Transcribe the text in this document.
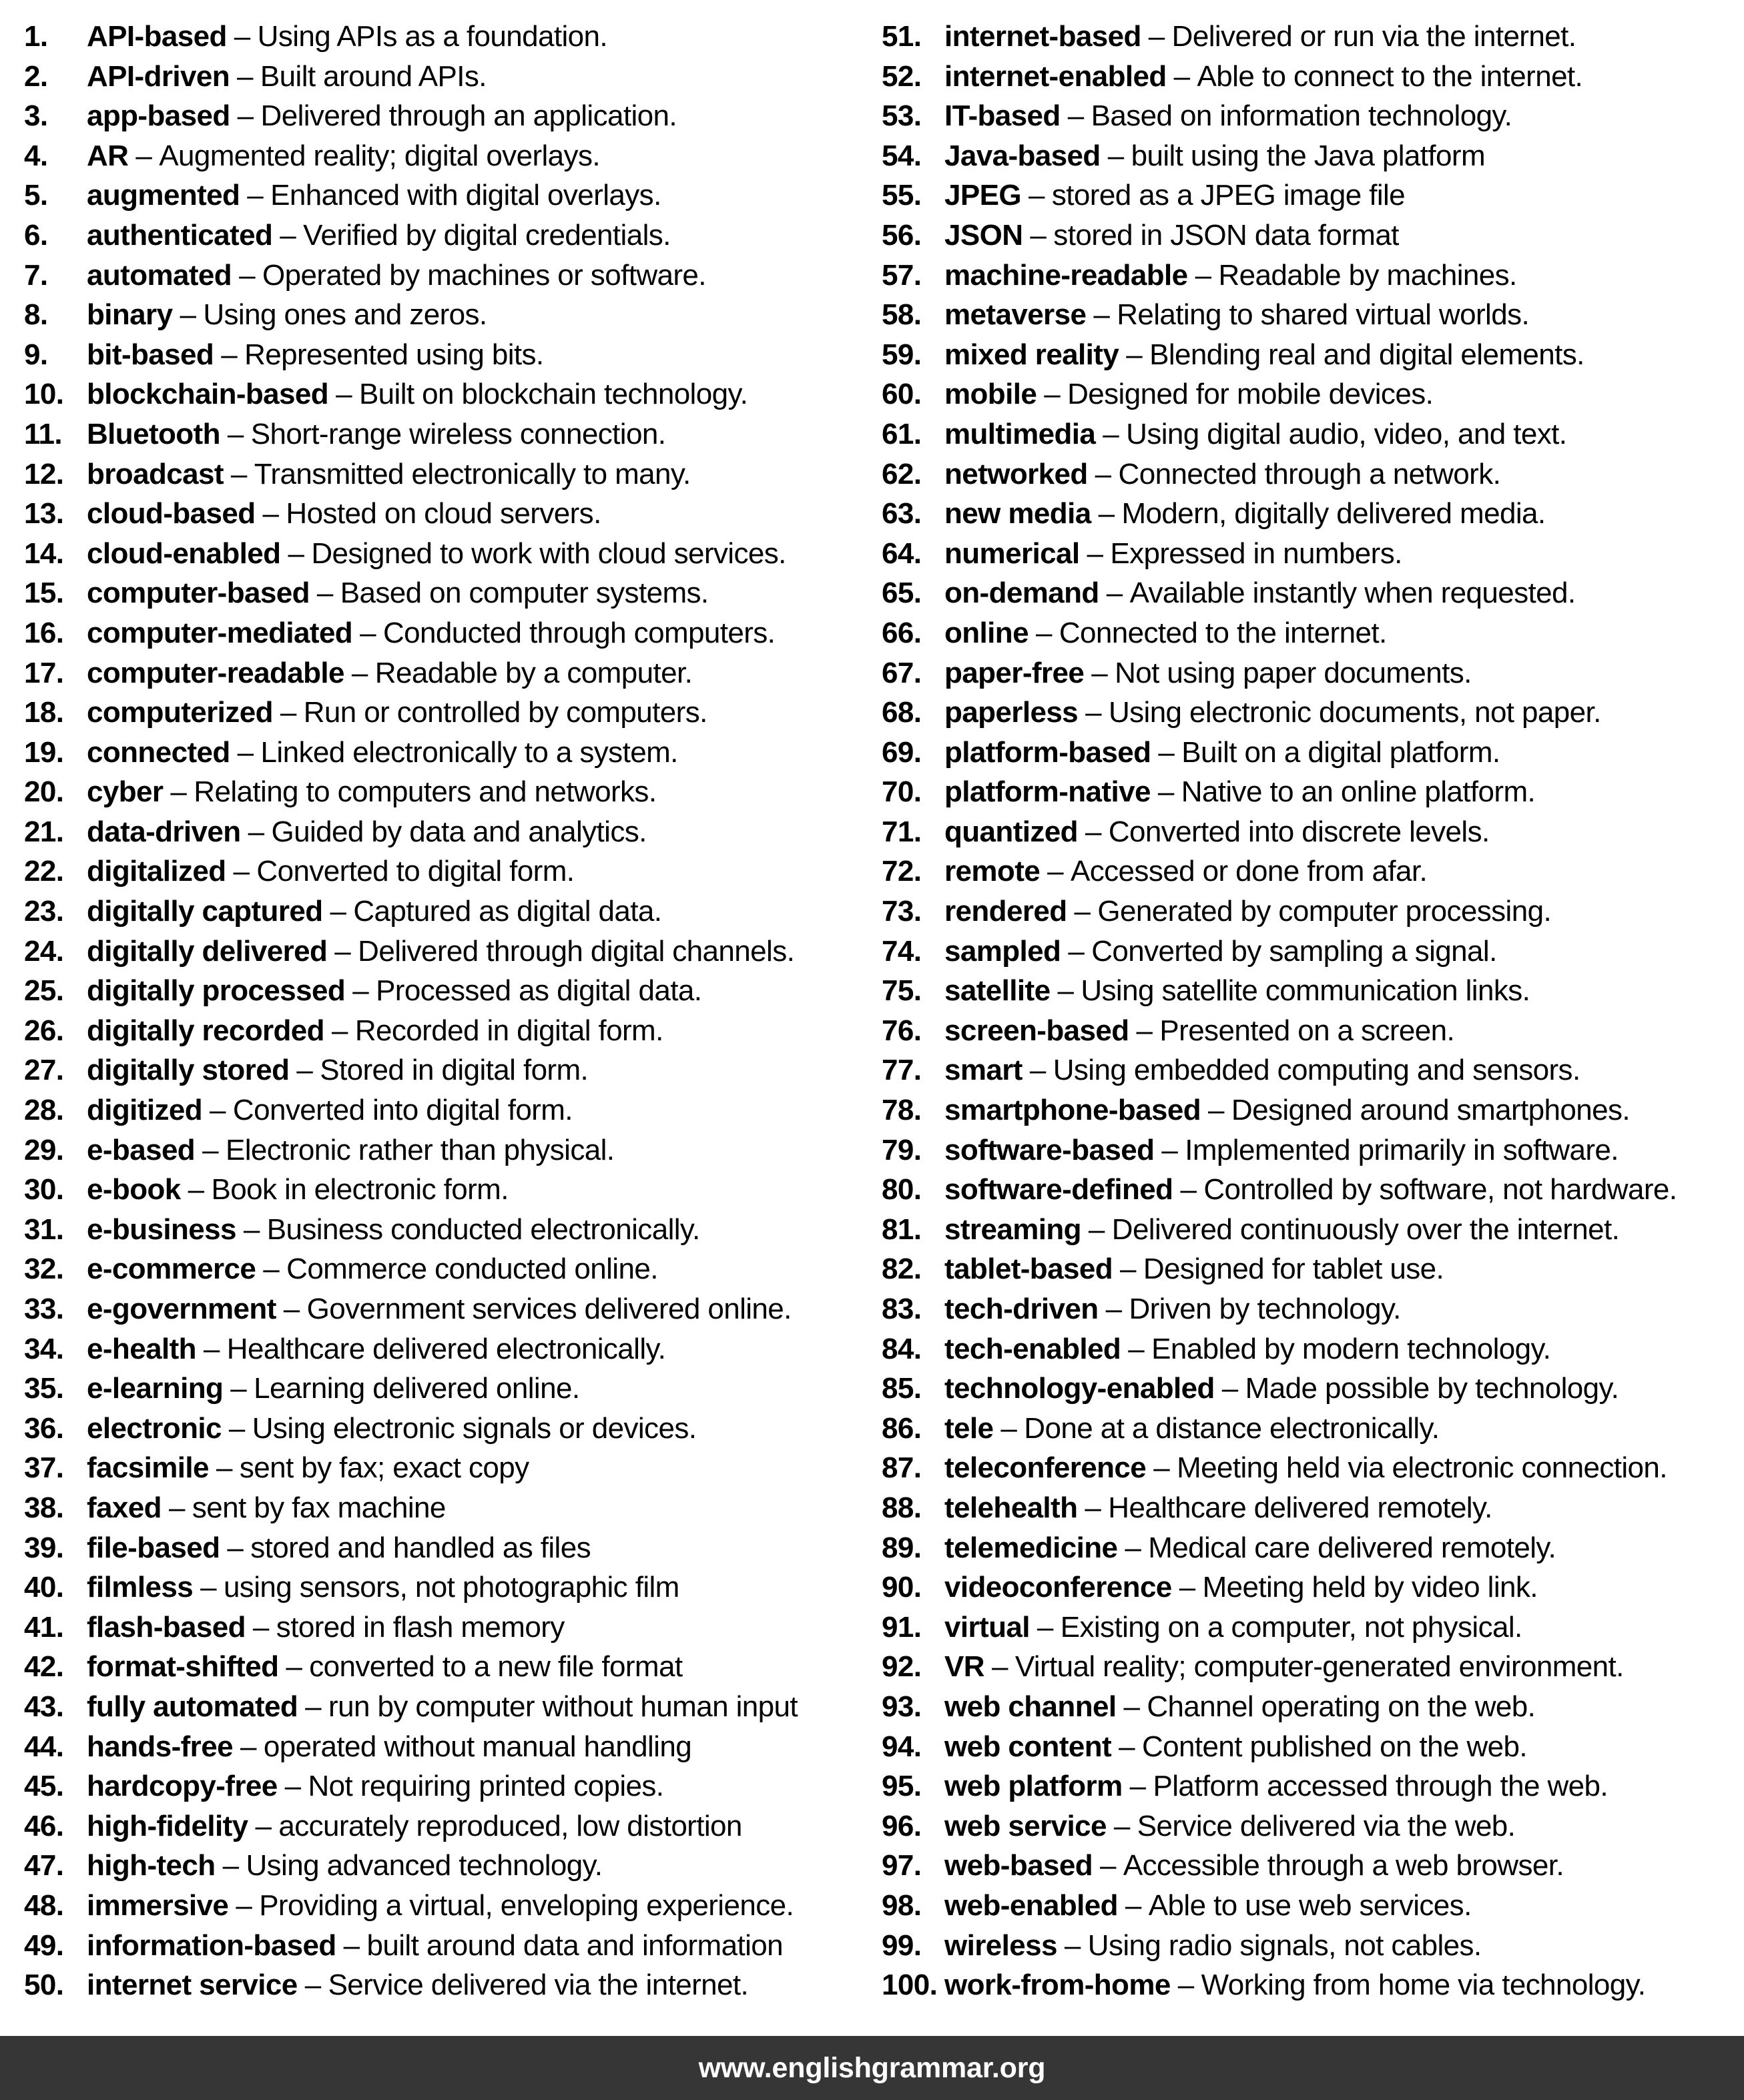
1. API-based – Using APIs as a foundation.
2. API-driven – Built around APIs.
3. app-based – Delivered through an application.
4. AR – Augmented reality; digital overlays.
5. augmented – Enhanced with digital overlays.
6. authenticated – Verified by digital credentials.
7. automated – Operated by machines or software.
8. binary – Using ones and zeros.
9. bit-based – Represented using bits.
10. blockchain-based – Built on blockchain technology.
11. Bluetooth – Short-range wireless connection.
12. broadcast – Transmitted electronically to many.
13. cloud-based – Hosted on cloud servers.
14. cloud-enabled – Designed to work with cloud services.
15. computer-based – Based on computer systems.
16. computer-mediated – Conducted through computers.
17. computer-readable – Readable by a computer.
18. computerized – Run or controlled by computers.
19. connected – Linked electronically to a system.
20. cyber – Relating to computers and networks.
21. data-driven – Guided by data and analytics.
22. digitalized – Converted to digital form.
23. digitally captured – Captured as digital data.
24. digitally delivered – Delivered through digital channels.
25. digitally processed – Processed as digital data.
26. digitally recorded – Recorded in digital form.
27. digitally stored – Stored in digital form.
28. digitized – Converted into digital form.
29. e-based – Electronic rather than physical.
30. e-book – Book in electronic form.
31. e-business – Business conducted electronically.
32. e-commerce – Commerce conducted online.
33. e-government – Government services delivered online.
34. e-health – Healthcare delivered electronically.
35. e-learning – Learning delivered online.
36. electronic – Using electronic signals or devices.
37. facsimile – sent by fax; exact copy
38. faxed – sent by fax machine
39. file-based – stored and handled as files
40. filmless – using sensors, not photographic film
41. flash-based – stored in flash memory
42. format-shifted – converted to a new file format
43. fully automated – run by computer without human input
44. hands-free – operated without manual handling
45. hardcopy-free – Not requiring printed copies.
46. high-fidelity – accurately reproduced, low distortion
47. high-tech – Using advanced technology.
48. immersive – Providing a virtual, enveloping experience.
49. information-based – built around data and information
50. internet service – Service delivered via the internet.
51. internet-based – Delivered or run via the internet.
52. internet-enabled – Able to connect to the internet.
53. IT-based – Based on information technology.
54. Java-based – built using the Java platform
55. JPEG – stored as a JPEG image file
56. JSON – stored in JSON data format
57. machine-readable – Readable by machines.
58. metaverse – Relating to shared virtual worlds.
59. mixed reality – Blending real and digital elements.
60. mobile – Designed for mobile devices.
61. multimedia – Using digital audio, video, and text.
62. networked – Connected through a network.
63. new media – Modern, digitally delivered media.
64. numerical – Expressed in numbers.
65. on-demand – Available instantly when requested.
66. online – Connected to the internet.
67. paper-free – Not using paper documents.
68. paperless – Using electronic documents, not paper.
69. platform-based – Built on a digital platform.
70. platform-native – Native to an online platform.
71. quantized – Converted into discrete levels.
72. remote – Accessed or done from afar.
73. rendered – Generated by computer processing.
74. sampled – Converted by sampling a signal.
75. satellite – Using satellite communication links.
76. screen-based – Presented on a screen.
77. smart – Using embedded computing and sensors.
78. smartphone-based – Designed around smartphones.
79. software-based – Implemented primarily in software.
80. software-defined – Controlled by software, not hardware.
81. streaming – Delivered continuously over the internet.
82. tablet-based – Designed for tablet use.
83. tech-driven – Driven by technology.
84. tech-enabled – Enabled by modern technology.
85. technology-enabled – Made possible by technology.
86. tele – Done at a distance electronically.
87. teleconference – Meeting held via electronic connection.
88. telehealth – Healthcare delivered remotely.
89. telemedicine – Medical care delivered remotely.
90. videoconference – Meeting held by video link.
91. virtual – Existing on a computer, not physical.
92. VR – Virtual reality; computer-generated environment.
93. web channel – Channel operating on the web.
94. web content – Content published on the web.
95. web platform – Platform accessed through the web.
96. web service – Service delivered via the web.
97. web-based – Accessible through a web browser.
98. web-enabled – Able to use web services.
99. wireless – Using radio signals, not cables.
100. work-from-home – Working from home via technology.
www.englishgrammar.org
